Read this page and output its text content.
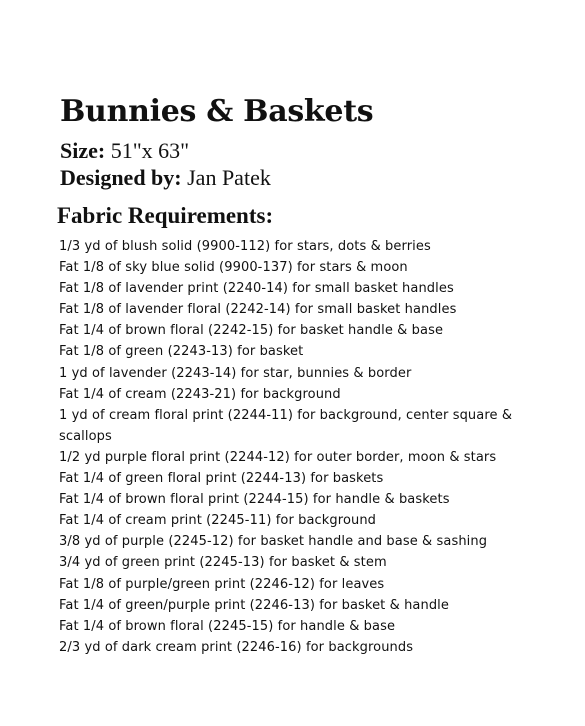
Bunnies & Baskets

Size: 51"x 63"

Designed by: Jan Patek

Fabric Requirements:
1/3 yd of blush solid (9900-112) for stars, dots & berries
Fat 1/8 of sky blue solid (9900-137) for stars & moon
Fat 1/8 of lavender print (2240-14) for small basket handles
Fat 1/8 of lavender floral (2242-14) for small basket handles
Fat 1/4 of brown floral (2242-15) for basket handle & base
Fat 1/8 of green (2243-13) for basket
1 yd of lavender (2243-14) for star, bunnies & border
Fat 1/4 of cream (2243-21) for background
1 yd of cream floral print (2244-11) for background, center square & scallops
1/2 yd purple floral print (2244-12) for outer border, moon & stars
Fat 1/4 of green floral print (2244-13) for baskets
Fat 1/4 of brown floral print (2244-15) for handle & baskets
Fat 1/4 of cream print (2245-11) for background
3/8 yd of purple (2245-12) for basket handle and base & sashing
3/4 yd of green print (2245-13) for basket & stem
Fat 1/8 of purple/green print (2246-12) for leaves
Fat 1/4 of green/purple print (2246-13) for basket & handle
Fat 1/4 of brown floral (2245-15) for handle & base
2/3 yd of dark cream print (2246-16) for backgrounds
